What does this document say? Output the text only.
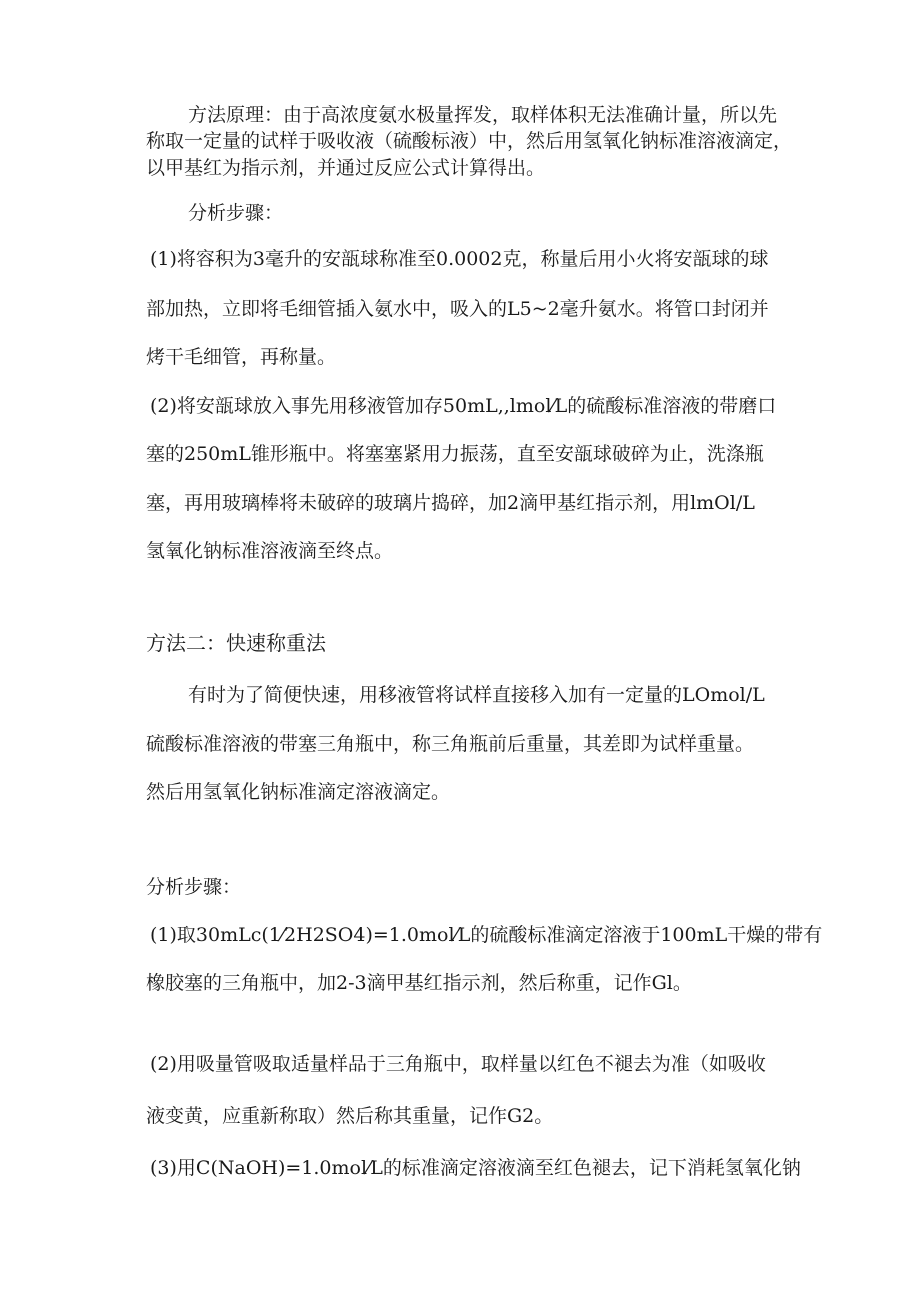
方法原理：由于高浓度氨水极量挥发，取样体积无法准确计量，所以先
称取一定量的试样于吸收液（硫酸标液）中，然后用氢氧化钠标准溶液滴定，
以甲基红为指示剂，并通过反应公式计算得出。
分析步骤：
(1)将容积为3毫升的安瓿球称准至0.0002克，称量后用小火将安瓿球的球
部加热，立即将毛细管插入氨水中，吸入的L5~2毫升氨水。将管口封闭并
烤干毛细管，再称量。
(2)将安瓿球放入事先用移液管加存50mL,,lmol⁄L的硫酸标准溶液的带磨口
塞的250mL锥形瓶中。将塞塞紧用力振荡，直至安瓿球破碎为止，洗涤瓶
塞，再用玻璃棒将未破碎的玻璃片捣碎，加2滴甲基红指示剂，用lmOl/L
氢氧化钠标准溶液滴至终点。
方法二：快速称重法
有时为了简便快速，用移液管将试样直接移入加有一定量的LOmol/L
硫酸标准溶液的带塞三角瓶中，称三角瓶前后重量，其差即为试样重量。
然后用氢氧化钠标准滴定溶液滴定。
分析步骤：
(1)取30mLc(1⁄2H2SO4)=1.0mol⁄L的硫酸标准滴定溶液于100mL干燥的带有
橡胶塞的三角瓶中，加2-3滴甲基红指示剂，然后称重，记作Gl。
(2)用吸量管吸取适量样品于三角瓶中，取样量以红色不褪去为准（如吸收
液变黄，应重新称取）然后称其重量，记作G2。
(3)用C(NaOH)=1.0mol⁄L的标准滴定溶液滴至红色褪去，记下消耗氢氧化钠
